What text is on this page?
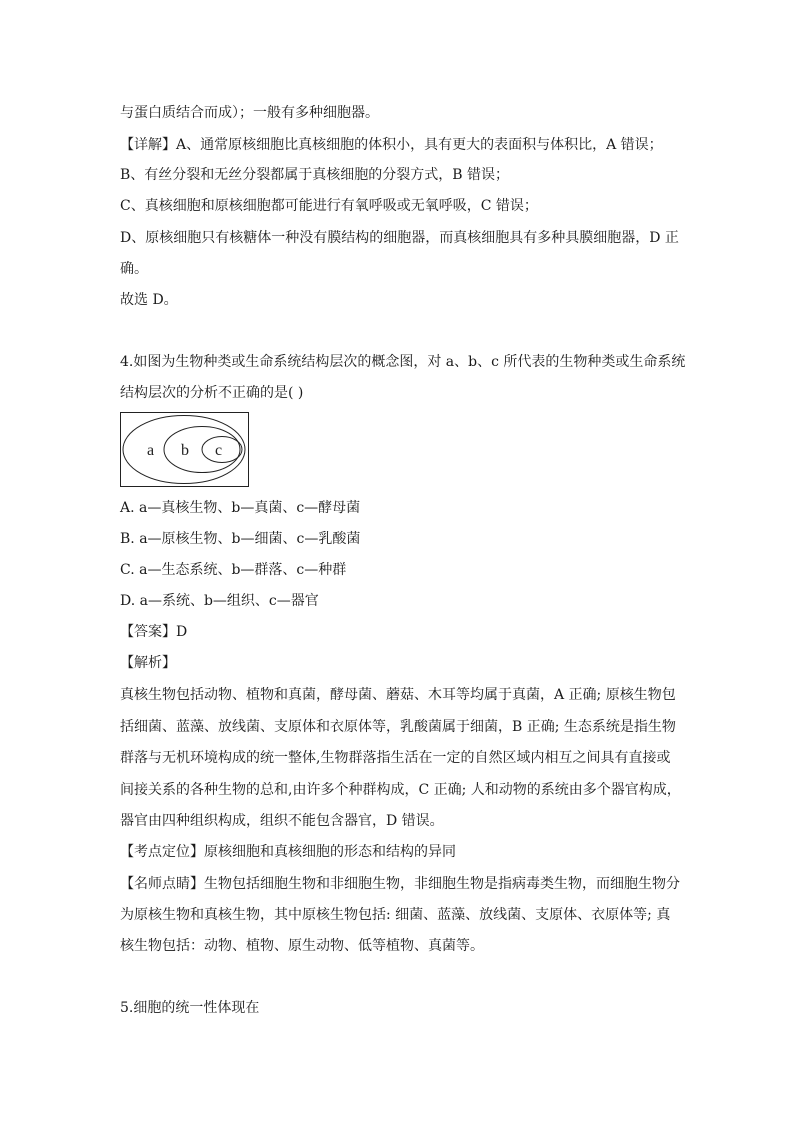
与蛋白质结合而成）；一般有多种细胞器。
【详解】A、通常原核细胞比真核细胞的体积小，具有更大的表面积与体积比，A 错误；
B、有丝分裂和无丝分裂都属于真核细胞的分裂方式，B 错误；
C、真核细胞和原核细胞都可能进行有氧呼吸或无氧呼吸，C 错误；
D、原核细胞只有核糖体一种没有膜结构的细胞器，而真核细胞具有多种具膜细胞器，D 正
确。
故选 D。
4.如图为生物种类或生命系统结构层次的概念图，对 a、b、c 所代表的生物种类或生命系统
结构层次的分析不正确的是( )
a b c
A. a—真核生物、b—真菌、c—酵母菌
B. a—原核生物、b—细菌、c—乳酸菌
C. a—生态系统、b—群落、c—种群
D. a—系统、b—组织、c—器官
【答案】D
【解析】
真核生物包括动物、植物和真菌，酵母菌、蘑菇、木耳等均属于真菌，A 正确; 原核生物包
括细菌、蓝藻、放线菌、支原体和衣原体等，乳酸菌属于细菌，B 正确; 生态系统是指生物
群落与无机环境构成的统一整体,生物群落指生活在一定的自然区域内相互之间具有直接或
间接关系的各种生物的总和,由许多个种群构成，C 正确; 人和动物的系统由多个器官构成，
器官由四种组织构成，组织不能包含器官，D 错误。
【考点定位】原核细胞和真核细胞的形态和结构的异同
【名师点睛】生物包括细胞生物和非细胞生物，非细胞生物是指病毒类生物，而细胞生物分
为原核生物和真核生物，其中原核生物包括: 细菌、蓝藻、放线菌、支原体、衣原体等; 真
核生物包括：动物、植物、原生动物、低等植物、真菌等。
5.细胞的统一性体现在
